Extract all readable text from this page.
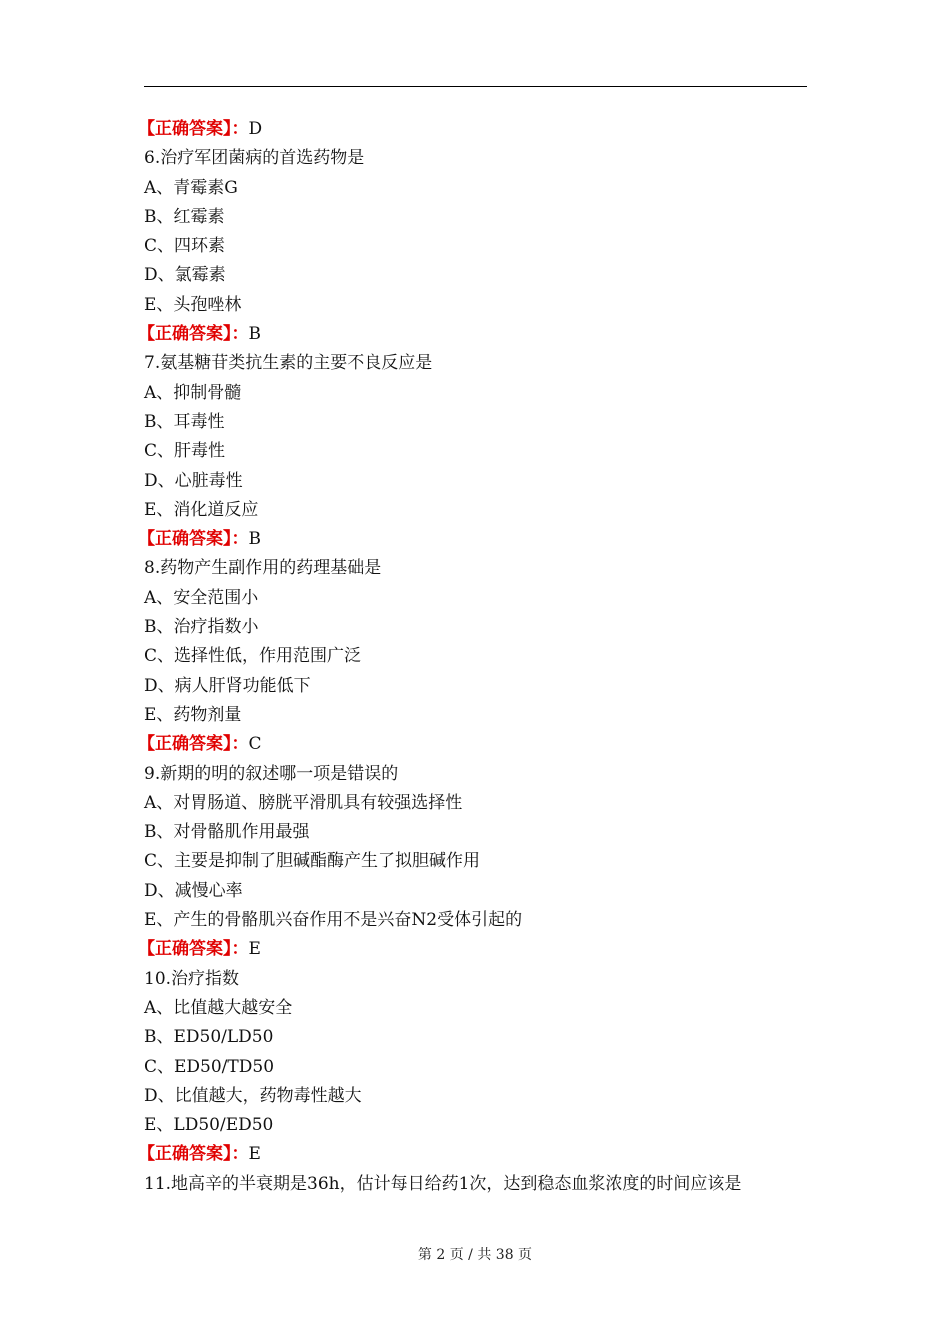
【正确答案】：D
6.治疗军团菌病的首选药物是
A、青霉素G
B、红霉素
C、四环素
D、氯霉素
E、头孢唑林
【正确答案】：B
7.氨基糖苷类抗生素的主要不良反应是
A、抑制骨髓
B、耳毒性
C、肝毒性
D、心脏毒性
E、消化道反应
【正确答案】：B
8.药物产生副作用的药理基础是
A、安全范围小
B、治疗指数小
C、选择性低，作用范围广泛
D、病人肝肾功能低下
E、药物剂量
【正确答案】：C
9.新期的明的叙述哪一项是错误的
A、对胃肠道、膀胱平滑肌具有较强选择性
B、对骨骼肌作用最强
C、主要是抑制了胆碱酯酶产生了拟胆碱作用
D、减慢心率
E、产生的骨骼肌兴奋作用不是兴奋N2受体引起的
【正确答案】：E
10.治疗指数
A、比值越大越安全
B、ED50/LD50
C、ED50/TD50
D、比值越大，药物毒性越大
E、LD50/ED50
【正确答案】：E
11.地高辛的半衰期是36h，估计每日给药1次，达到稳态血浆浓度的时间应该是
第 2 页 / 共 38 页
